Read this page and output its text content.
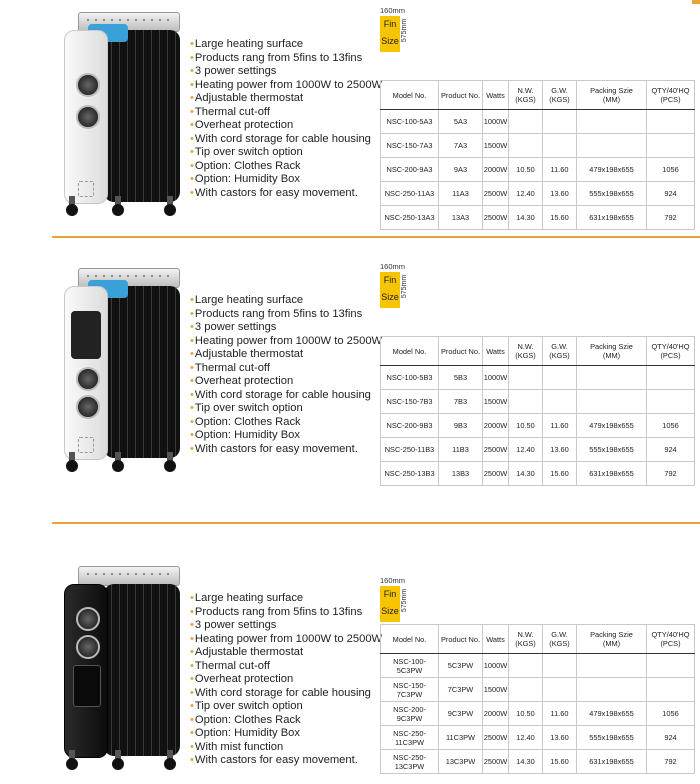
• Large heating surface
• Products rang from 5fins to 13fins
• 3 power settings
• Heating power from 1000W to 2500W
• Adjustable thermostat
• Thermal cut-off
• Overheat protection
• With cord storage for cable housing
• Tip over switch option
• Option: Clothes Rack
• Option: Humidity Box
• With castors for easy movement.
160mm
Fin
Size 575mm
Model No.	Product No.	Watts	N.W.
(KGS)	G.W.
(KGS)	Packing Szie
(MM)	QTY/40'HQ
(PCS)
NSC-100-5A3	5A3	1000W				
NSC-150-7A3	7A3	1500W				
NSC-200-9A3	9A3	2000W	10.50	11.60	479x198x655	1056
NSC-250-11A3	11A3	2500W	12.40	13.60	555x198x655	924
NSC-250-13A3	13A3	2500W	14.30	15.60	631x198x655	792
• Large heating surface
• Products rang from 5fins to 13fins
• 3 power settings
• Heating power from 1000W to 2500W
• Adjustable thermostat
• Thermal cut-off
• Overheat protection
• With cord storage for cable housing
• Tip over switch option
• Option: Clothes Rack
• Option: Humidity Box
• With castors for easy movement.
160mm
Fin
Size 575mm
Model No.	Product No.	Watts	N.W.
(KGS)	G.W.
(KGS)	Packing Szie
(MM)	QTY/40'HQ
(PCS)
NSC-100-5B3	5B3	1000W				
NSC-150-7B3	7B3	1500W				
NSC-200-9B3	9B3	2000W	10.50	11.60	479x198x655	1056
NSC-250-11B3	11B3	2500W	12.40	13.60	555x198x655	924
NSC-250-13B3	13B3	2500W	14.30	15.60	631x198x655	792
• Large heating surface
• Products rang from 5fins to 13fins
• 3 power settings
• Heating power from 1000W to 2500W
• Adjustable thermostat
• Thermal cut-off
• Overheat protection
• With cord storage for cable housing
• Tip over switch option
• Option: Clothes Rack
• Option: Humidity Box
• With mist function
• With castors for easy movement.
160mm
Fin
Size 575mm
Model No.	Product No.	Watts	N.W.
(KGS)	G.W.
(KGS)	Packing Szie
(MM)	QTY/40'HQ
(PCS)
NSC-100-5C3PW	5C3PW	1000W				
NSC-150-7C3PW	7C3PW	1500W				
NSC-200-9C3PW	9C3PW	2000W	10.50	11.60	479x198x655	1056
NSC-250-11C3PW	11C3PW	2500W	12.40	13.60	555x198x655	924
NSC-250-13C3PW	13C3PW	2500W	14.30	15.60	631x198x655	792
